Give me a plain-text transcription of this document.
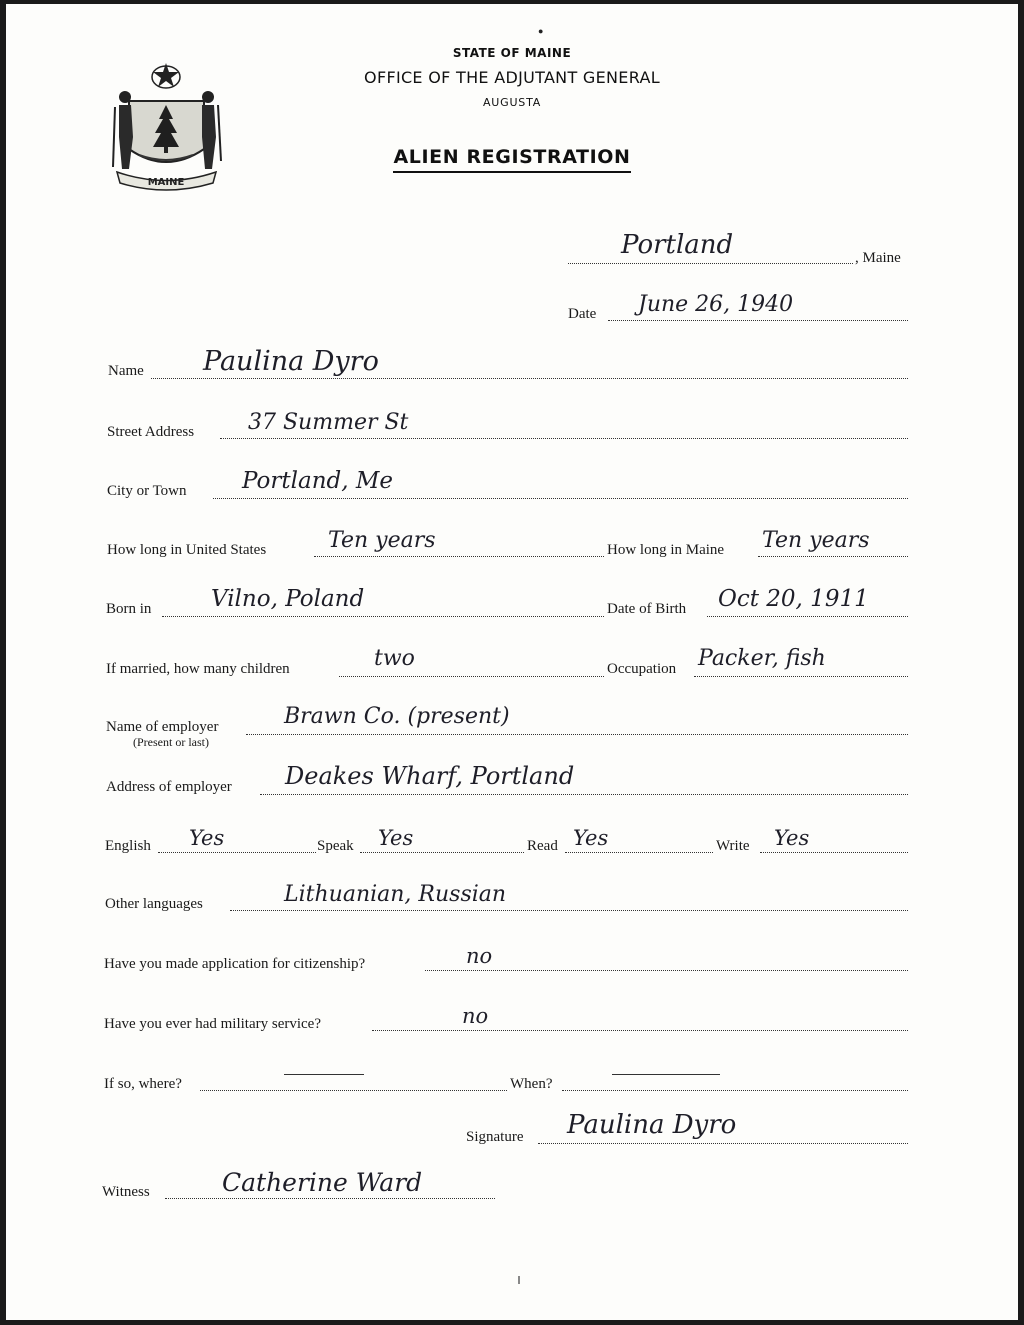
●
MAINE
STATE OF MAINE
OFFICE OF THE ADJUTANT GENERAL
AUGUSTA
ALIEN REGISTRATION
Portland	, Maine
Date June 26, 1940
Name Paulina Dyro
Street Address 37 Summer St
City or Town Portland, Me
How long in United States	Ten years	How long in Maine Ten years
Born in	Vilno, Poland	Date of Birth Oct 20, 1911
If married, how many children	two	Occupation Packer, fish
Name of employer
(Present or last)
Brawn Co. (present)
Address of employer Deakes Wharf, Portland
English Yes	Speak Yes	Read Yes	Write Yes
Other languages	Lithuanian, Russian
Have you made application for citizenship?	no
Have you ever had military service?	no
If so, where?	When?
Signature Paulina Dyro
Witness	Catherine Ward
